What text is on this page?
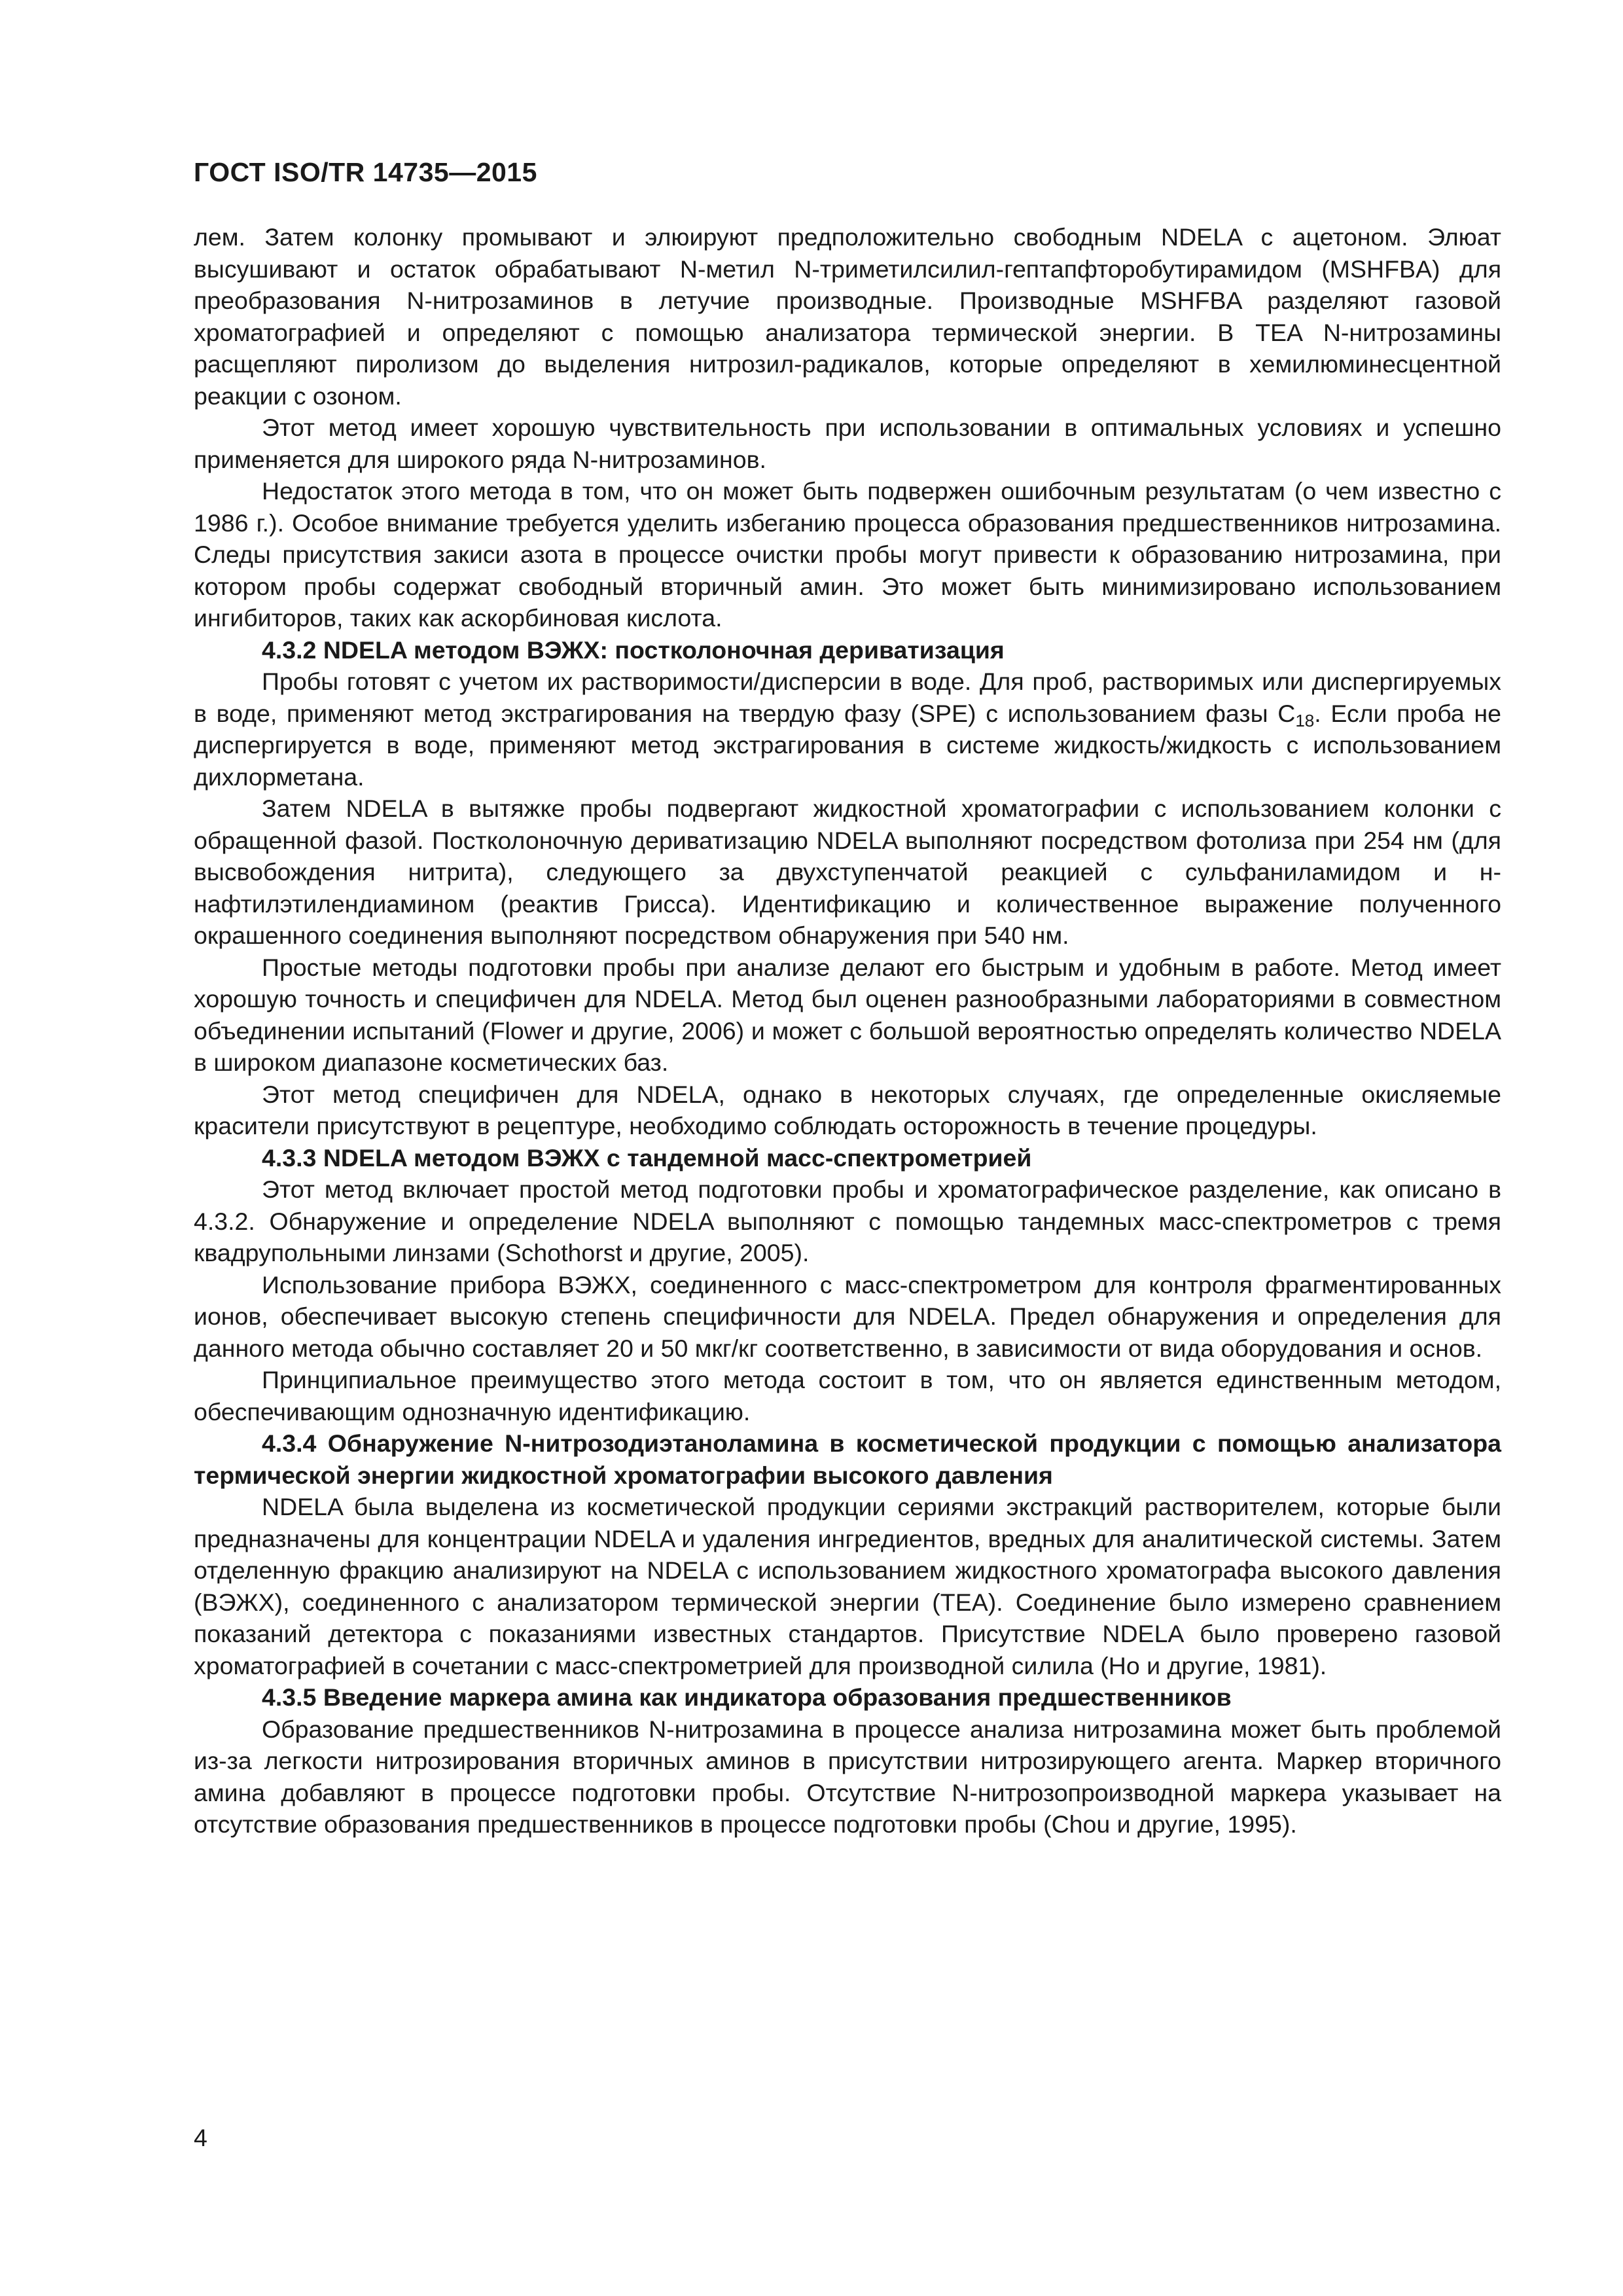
ГОСТ ISO/TR 14735—2015

лем. Затем колонку промывают и элюируют предположительно свободным NDELA с ацетоном. Элюат высушивают и остаток обрабатывают N-метил N-триметилсилил-гептапфторобутирамидом (MSHFBA) для преобразования N-нитрозаминов в летучие производные. Производные MSHFBA разделяют газовой хроматографией и определяют с помощью анализатора термической энергии. В TEA N-нитрозамины расщепляют пиролизом до выделения нитрозил-радикалов, которые определяют в хемилюминесцентной реакции с озоном.

Этот метод имеет хорошую чувствительность при использовании в оптимальных условиях и успешно применяется для широкого ряда N-нитрозаминов.

Недостаток этого метода в том, что он может быть подвержен ошибочным результатам (о чем известно с 1986 г.). Особое внимание требуется уделить избеганию процесса образования предшественников нитрозамина. Следы присутствия закиси азота в процессе очистки пробы могут привести к образованию нитрозамина, при котором пробы содержат свободный вторичный амин. Это может быть минимизировано использованием ингибиторов, таких как аскорбиновая кислота.

4.3.2 NDELA методом ВЭЖХ: постколоночная дериватизация

Пробы готовят с учетом их растворимости/дисперсии в воде. Для проб, растворимых или диспергируемых в воде, применяют метод экстрагирования на твердую фазу (SPE) с использованием фазы $C_{18}$. Если проба не диспергируется в воде, применяют метод экстрагирования в системе жидкость/жидкость с использованием дихлорметана.

Затем NDELA в вытяжке пробы подвергают жидкостной хроматографии с использованием колонки с обращенной фазой. Постколоночную дериватизацию NDELA выполняют посредством фотолиза при 254 нм (для высвобождения нитрита), следующего за двухступенчатой реакцией с сульфаниламидом и н-нафтилэтилендиамином (реактив Грисса). Идентификацию и количественное выражение полученного окрашенного соединения выполняют посредством обнаружения при 540 нм.

Простые методы подготовки пробы при анализе делают его быстрым и удобным в работе. Метод имеет хорошую точность и специфичен для NDELA. Метод был оценен разнообразными лабораториями в совместном объединении испытаний (Flower и другие, 2006) и может с большой вероятностью определять количество NDELA в широком диапазоне косметических баз.

Этот метод специфичен для NDELA, однако в некоторых случаях, где определенные окисляемые красители присутствуют в рецептуре, необходимо соблюдать осторожность в течение процедуры.

4.3.3 NDELA методом ВЭЖХ с тандемной масс-спектрометрией

Этот метод включает простой метод подготовки пробы и хроматографическое разделение, как описано в 4.3.2. Обнаружение и определение NDELA выполняют с помощью тандемных масс-спектрометров с тремя квадрупольными линзами (Schothorst и другие, 2005).

Использование прибора ВЭЖХ, соединенного с масс-спектрометром для контроля фрагментированных ионов, обеспечивает высокую степень специфичности для NDELA. Предел обнаружения и определения для данного метода обычно составляет 20 и 50 мкг/кг соответственно, в зависимости от вида оборудования и основ.

Принципиальное преимущество этого метода состоит в том, что он является единственным методом, обеспечивающим однозначную идентификацию.

4.3.4 Обнаружение N-нитрозодиэтаноламина в косметической продукции с помощью анализатора термической энергии жидкостной хроматографии высокого давления

NDELA была выделена из косметической продукции сериями экстракций растворителем, которые были предназначены для концентрации NDELA и удаления ингредиентов, вредных для аналитической системы. Затем отделенную фракцию анализируют на NDELA с использованием жидкостного хроматографа высокого давления (ВЭЖХ), соединенного с анализатором термической энергии (TEA). Соединение было измерено сравнением показаний детектора с показаниями известных стандартов. Присутствие NDELA было проверено газовой хроматографией в сочетании с масс-спектрометрией для производной силила (Ho и другие, 1981).

4.3.5 Введение маркера амина как индикатора образования предшественников

Образование предшественников N-нитрозамина в процессе анализа нитрозамина может быть проблемой из-за легкости нитрозирования вторичных аминов в присутствии нитрозирующего агента. Маркер вторичного амина добавляют в процессе подготовки пробы. Отсутствие N-нитрозопроизводной маркера указывает на отсутствие образования предшественников в процессе подготовки пробы (Chou и другие, 1995).

4
